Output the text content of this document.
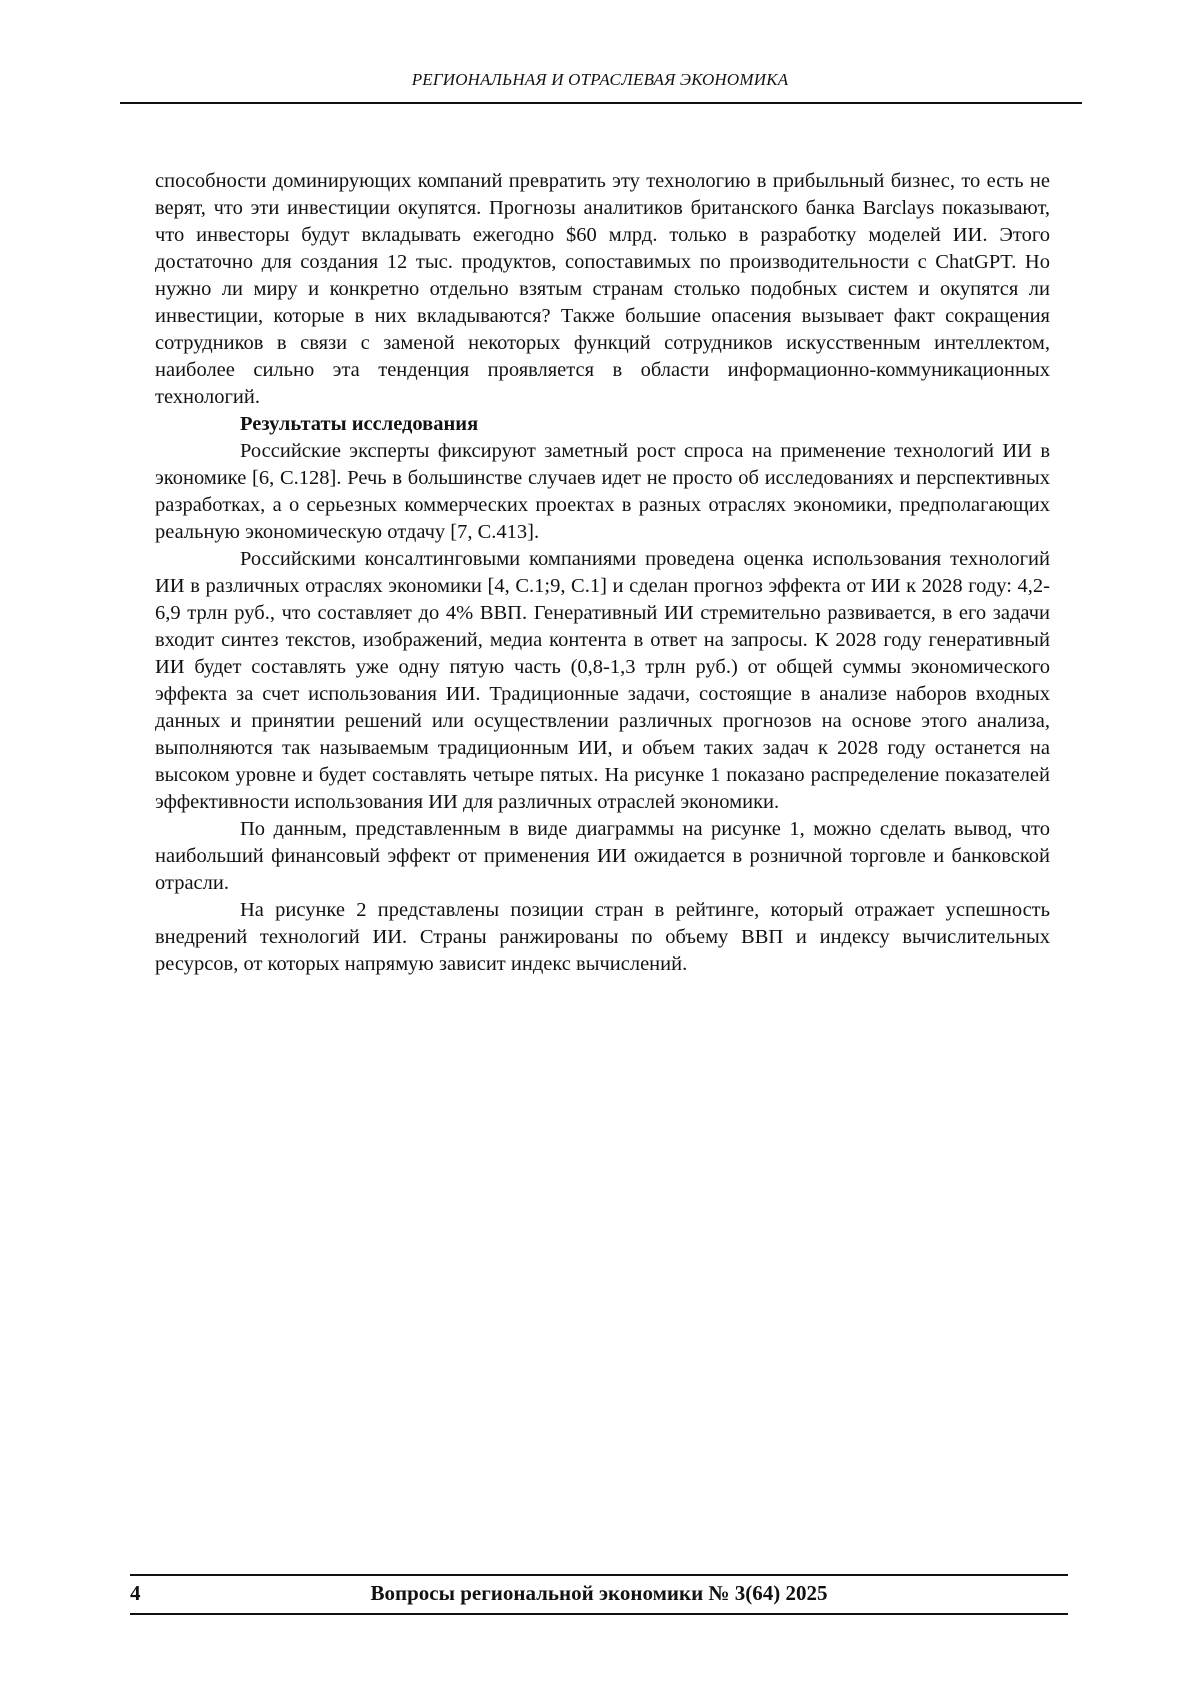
РЕГИОНАЛЬНАЯ И ОТРАСЛЕВАЯ ЭКОНОМИКА

способности доминирующих компаний превратить эту технологию в прибыльный бизнес, то есть не верят, что эти инвестиции окупятся. Прогнозы аналитиков британского банка Barclays показывают, что инвесторы будут вкладывать ежегодно $60 млрд. только в разработку моделей ИИ. Этого достаточно для создания 12 тыс. продуктов, сопоставимых по производительности с ChatGPT. Но нужно ли миру и конкретно отдельно взятым странам столько подобных систем и окупятся ли инвестиции, которые в них вкладываются? Также большие опасения вызывает факт сокращения сотрудников в связи с заменой некоторых функций сотрудников искусственным интеллектом, наиболее сильно эта тенденция проявляется в области информационно-коммуникационных технологий.

Результаты исследования

Российские эксперты фиксируют заметный рост спроса на применение технологий ИИ в экономике [6, С.128]. Речь в большинстве случаев идет не просто об исследованиях и перспективных разработках, а о серьезных коммерческих проектах в разных отраслях экономики, предполагающих реальную экономическую отдачу [7, С.413].

Российскими консалтинговыми компаниями проведена оценка использования технологий ИИ в различных отраслях экономики [4, С.1;9, С.1] и сделан прогноз эффекта от ИИ к 2028 году: 4,2-6,9 трлн руб., что составляет до 4% ВВП. Генеративный ИИ стремительно развивается, в его задачи входит синтез текстов, изображений, медиа контента в ответ на запросы. К 2028 году генеративный ИИ будет составлять уже одну пятую часть (0,8-1,3 трлн руб.) от общей суммы экономического эффекта за счет использования ИИ. Традиционные задачи, состоящие в анализе наборов входных данных и принятии решений или осуществлении различных прогнозов на основе этого анализа, выполняются так называемым традиционным ИИ, и объем таких задач к 2028 году останется на высоком уровне и будет составлять четыре пятых. На рисунке 1 показано распределение показателей эффективности использования ИИ для различных отраслей экономики.

По данным, представленным в виде диаграммы на рисунке 1, можно сделать вывод, что наибольший финансовый эффект от применения ИИ ожидается в розничной торговле и банковской отрасли.

На рисунке 2 представлены позиции стран в рейтинге, который отражает успешность внедрений технологий ИИ. Страны ранжированы по объему ВВП и индексу вычислительных ресурсов, от которых напрямую зависит индекс вычислений.

4	Вопросы региональной экономики № 3(64) 2025
